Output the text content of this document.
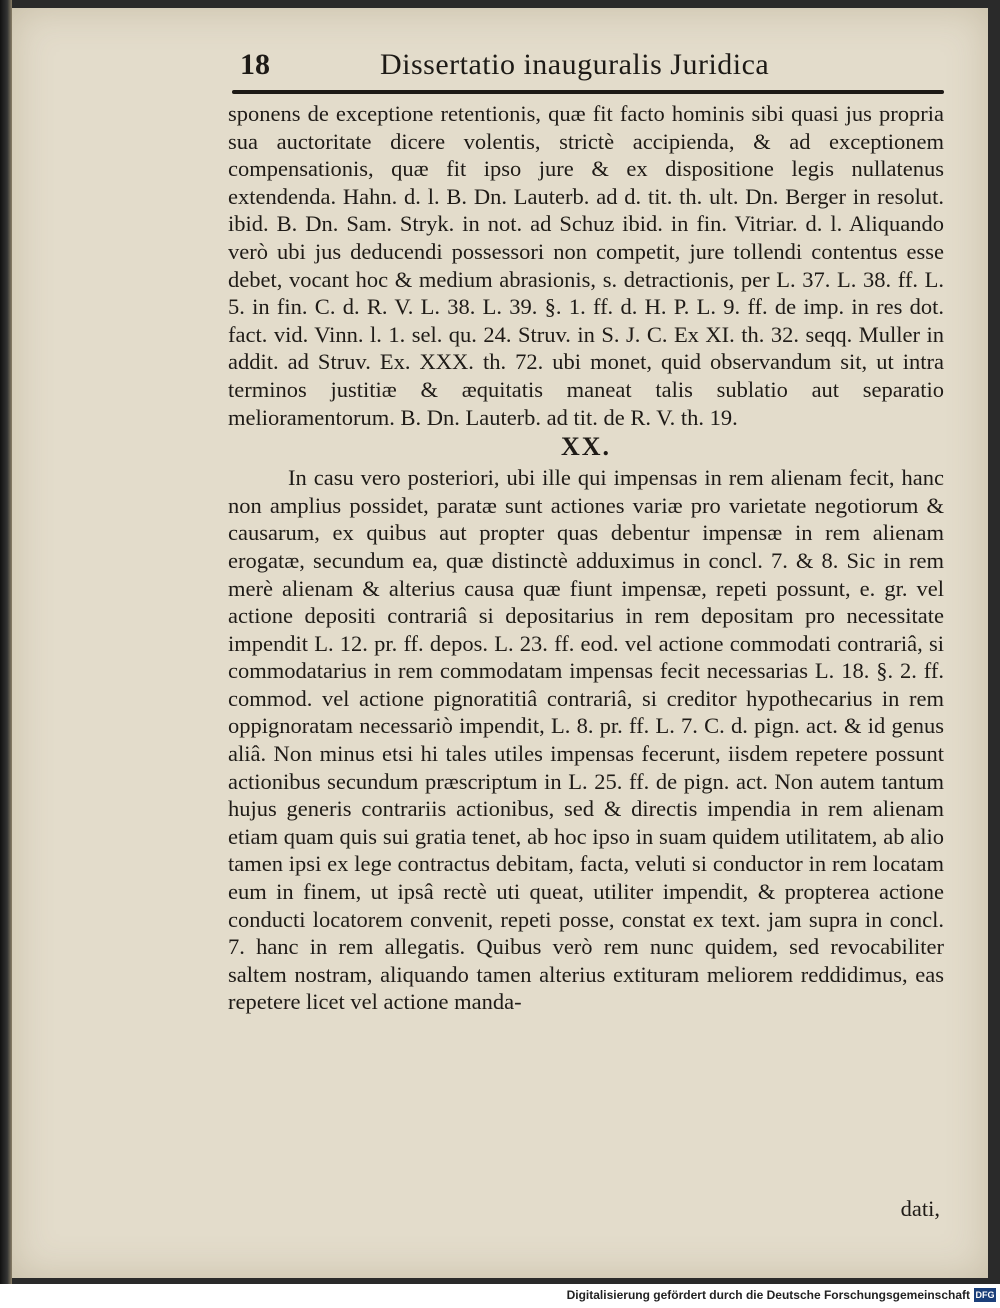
18	Dissertatio inauguralis Juridica

sponens de exceptione retentionis, quæ fit facto hominis sibi quasi jus propria sua auctoritate dicere volentis, strictè accipienda, & ad exceptionem compensationis, quæ fit ipso jure & ex dispositione legis nullatenus extendenda. Hahn. d. l. B. Dn. Lauterb. ad d. tit. th. ult. Dn. Berger in resolut. ibid. B. Dn. Sam. Stryk. in not. ad Schuz ibid. in fin. Vitriar. d. l. Aliquando verò ubi jus deducendi possessori non competit, jure tollendi contentus esse debet, vocant hoc & medium abrasionis, s. detractionis, per L. 37. L. 38. ff. L. 5. in fin. C. d. R. V. L. 38. L. 39. §. 1. ff. d. H. P. L. 9. ff. de imp. in res dot. fact. vid. Vinn. l. 1. sel. qu. 24. Struv. in S. J. C. Ex XI. th. 32. seqq. Muller in addit. ad Struv. Ex. XXX. th. 72. ubi monet, quid observandum sit, ut intra terminos justitiæ & æquitatis maneat talis sublatio aut separatio melioramentorum. B. Dn. Lauterb. ad tit. de R. V. th. 19.

XX.

In casu vero posteriori, ubi ille qui impensas in rem alienam fecit, hanc non amplius possidet, paratæ sunt actiones variæ pro varietate negotiorum & causarum, ex quibus aut propter quas debentur impensæ in rem alienam erogatæ, secundum ea, quæ distinctè adduximus in concl. 7. & 8. Sic in rem merè alienam & alterius causa quæ fiunt impensæ, repeti possunt, e. gr. vel actione depositi contrariâ si depositarius in rem depositam pro necessitate impendit L. 12. pr. ff. depos. L. 23. ff. eod. vel actione commodati contrariâ, si commodatarius in rem commodatam impensas fecit necessarias L. 18. §. 2. ff. commod. vel actione pignoratitiâ contrariâ, si creditor hypothecarius in rem oppignoratam necessariò impendit, L. 8. pr. ff. L. 7. C. d. pign. act. & id genus aliâ. Non minus etsi hi tales utiles impensas fecerunt, iisdem repetere possunt actionibus secundum præscriptum in L. 25. ff. de pign. act. Non autem tantum hujus generis contrariis actionibus, sed & directis impendia in rem alienam etiam quam quis sui gratia tenet, ab hoc ipso in suam quidem utilitatem, ab alio tamen ipsi ex lege contractus debitam, facta, veluti si conductor in rem locatam eum in finem, ut ipsâ rectè uti queat, utiliter impendit, & propterea actione conducti locatorem convenit, repeti posse, constat ex text. jam supra in concl. 7. hanc in rem allegatis. Quibus verò rem nunc quidem, sed revocabiliter saltem nostram, aliquando tamen alterius extituram meliorem reddidimus, eas repetere licet vel actione manda-

dati,
Digitalisierung gefördert durch die Deutsche Forschungsgemeinschaft DFG
